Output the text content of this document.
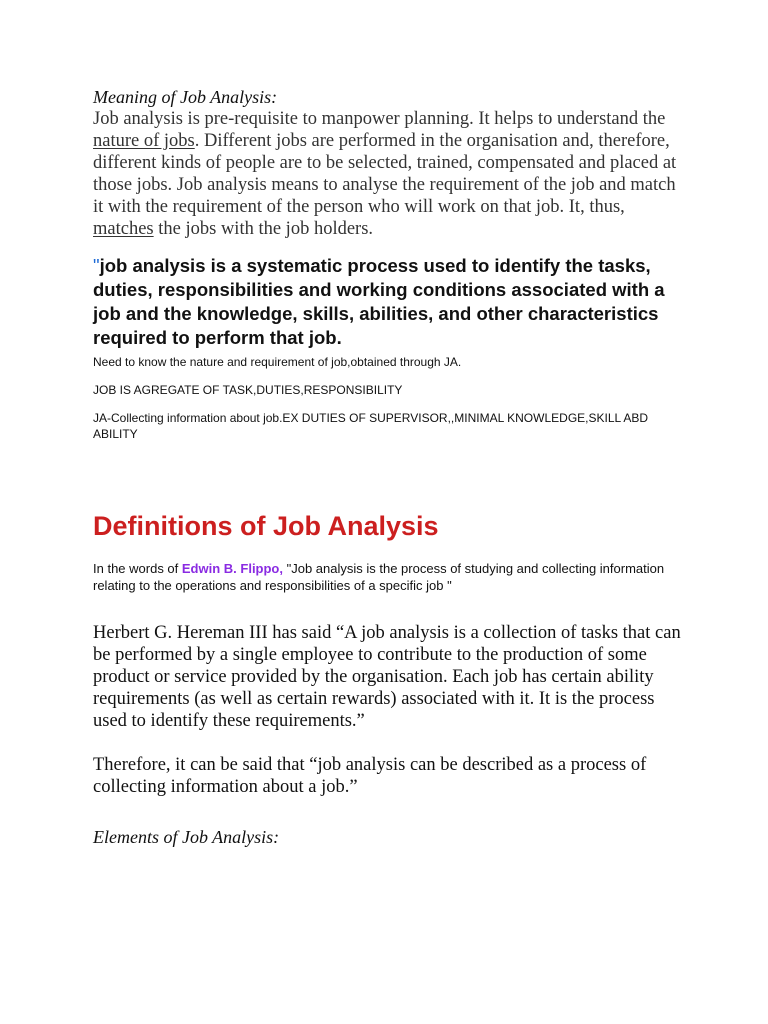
Meaning of Job Analysis:

Job analysis is pre-requisite to manpower planning. It helps to understand the nature of jobs. Different jobs are performed in the organisation and, therefore, different kinds of people are to be selected, trained, compensated and placed at those jobs. Job analysis means to analyse the requirement of the job and match it with the requirement of the person who will work on that job. It, thus, matches the jobs with the job holders.

"job analysis is a systematic process used to identify the tasks, duties, responsibilities and working conditions associated with a job and the knowledge, skills, abilities, and other characteristics required to perform that job.

Need to know the nature and requirement of job,obtained through JA.

JOB IS AGREGATE OF TASK,DUTIES,RESPONSIBILITY

JA-Collecting information about job.EX DUTIES OF SUPERVISOR,,MINIMAL KNOWLEDGE,SKILL ABD ABILITY

Definitions of Job Analysis

In the words of Edwin B. Flippo, "Job analysis is the process of studying and collecting information relating to the operations and responsibilities of a specific job "

Herbert G. Hereman III has said “A job analysis is a collection of tasks that can be performed by a single employee to contribute to the production of some product or service provided by the organisation. Each job has certain ability requirements (as well as certain rewards) associated with it. It is the process used to identify these requirements.”

Therefore, it can be said that “job analysis can be described as a process of collecting information about a job.”

Elements of Job Analysis:
